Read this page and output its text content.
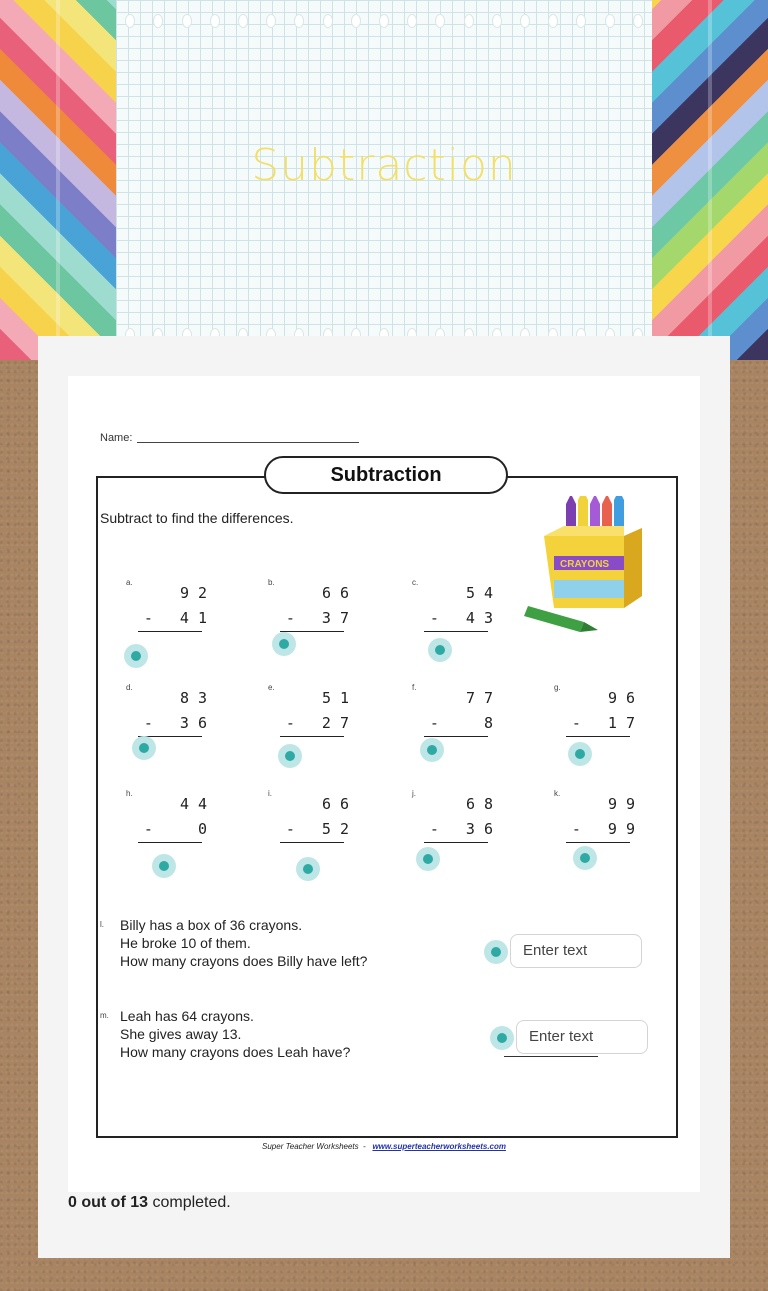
Subtraction
Name:
Subtraction
Subtract to find the differences.
CRAYONS
a.
92
- 41
b.
66
- 37
c.
54
- 43
d.
83
- 36
e.
51
- 27
f.
77
-  8
g.
96
- 17
h.
44
-  0
i.
66
- 52
j.
68
- 36
k.
99
- 99
l. Billy has a box of 36 crayons.
He broke 10 of them.
How many crayons does Billy have left?
Enter text
m. Leah has 64 crayons.
She gives away 13.
How many crayons does Leah have?
Enter text
Super Teacher Worksheets - www.superteacherworksheets.com
0 out of 13 completed.
